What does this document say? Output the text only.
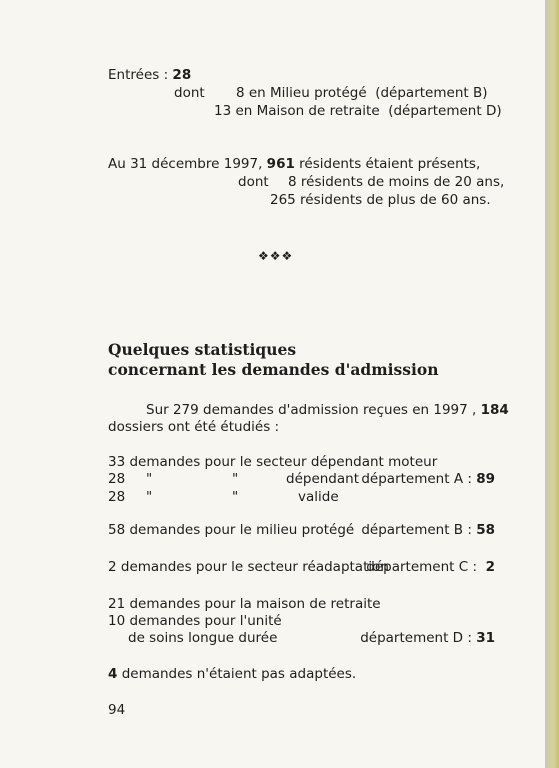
Entrées : 28
dont 8 en Milieu protégé  (département B)
13 en Maison de retraite  (département D)
Au 31 décembre 1997, 961 résidents étaient présents,
dont 8 résidents de moins de 20 ans,
265 résidents de plus de 60 ans.
❖❖❖
Quelques statistiques
concernant les demandes d'admission
Sur 279 demandes d'admission reçues en 1997 , 184
dossiers ont été étudiés :
33 demandes pour le secteur dépendant moteur
28 "	"	dépendant département A : 89
28 "	"	valide
58 demandes pour le milieu protégé département B : 58
2 demandes pour le secteur réadaptation
département C :  2
21 demandes pour la maison de retraite
10 demandes pour l'unité
de soins longue durée	département D : 31
4 demandes n'étaient pas adaptées.
94
